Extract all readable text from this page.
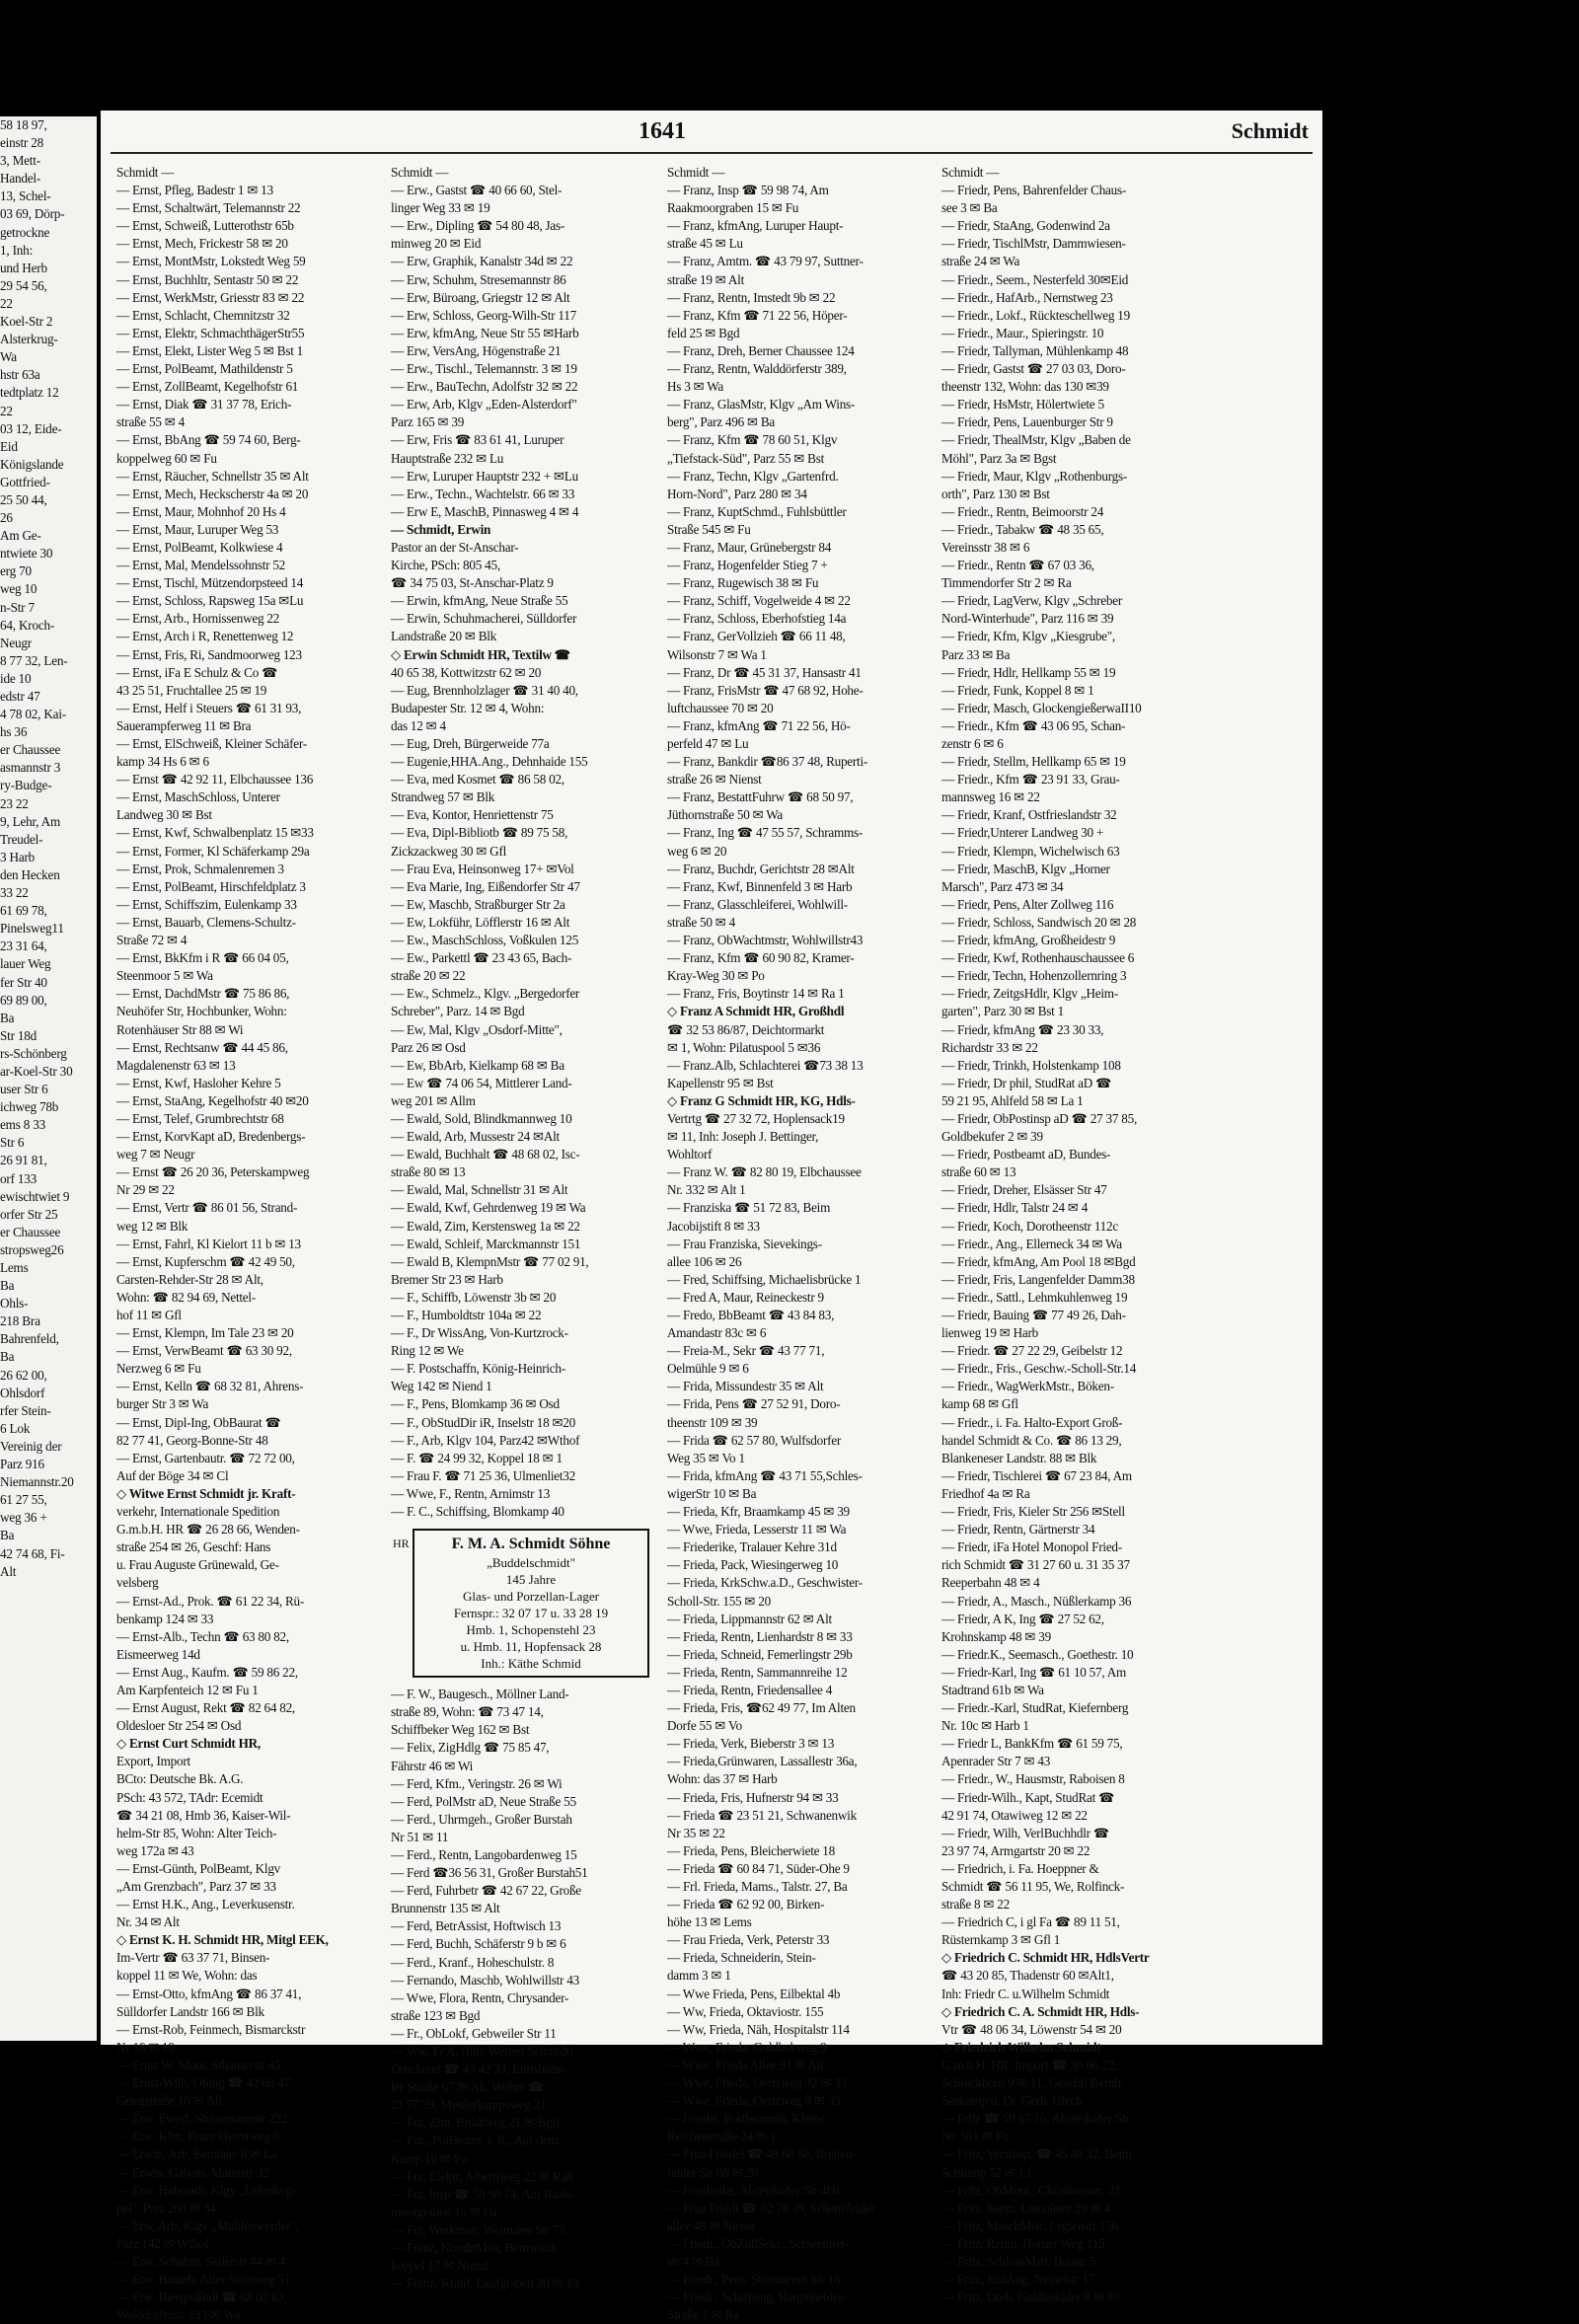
58 18 97,
einstr 28
3, Mett-
Handel-
13, Schel-
03 69, Dörp-
getrockne
1, Inh:
und Herb
29 54 56,
22
Koel-Str 2
Alsterkrug-
Wa
hstr 63a
tedtplatz 12
22
03 12, Eide-
Eid
Königslande
Gottfried-
25 50 44,
26
Am Ge-
ntwiete 30
erg 70
weg 10
n-Str 7
64, Kroch-
Neugr
8 77 32, Len-
ide 10
edstr 47
4 78 02, Kai-
hs 36
er Chaussee
asmannstr 3
ry-Budge-
23 22
9, Lehr, Am
Treudel-
3 Harb
den Hecken
33 22
61 69 78,
Pinelsweg11
23 31 64,
lauer Weg
fer Str 40
69 89 00,
Ba
Str 18d
rs-Schönberg
ar-Koel-Str 30
user Str 6
ichweg 78b
ems 8 33
Str 6
26 91 81,
orf 133
ewischtwiet 9
orfer Str 25
er Chaussee
stropsweg26
Lems
Ba
Ohls-
218 Bra
Bahrenfeld,
Ba
26 62 00,
Ohlsdorf
rfer Stein-
6 Lok
Vereinig der
Parz 916
Niemannstr.20
61 27 55,
weg 36 +
Ba
42 74 68, Fi-
Alt
1641	Schmidt
Schmidt —
— Ernst, Pfleg, Badestr 1 ✉ 13
— Ernst, Schaltwärt, Telemannstr 22
— Ernst, Schweiß, Lutterothstr 65b
— Ernst, Mech, Frickestr 58 ✉ 20
— Ernst, MontMstr, Lokstedt Weg 59
— Ernst, Buchhltr, Sentastr 50 ✉ 22
— Ernst, WerkMstr, Griesstr 83 ✉ 22
— Ernst, Schlacht, Chemnitzstr 32
— Ernst, Elektr, SchmachthägerStr55
— Ernst, Elekt, Lister Weg 5 ✉ Bst 1
— Ernst, PolBeamt, Mathildenstr 5
— Ernst, ZollBeamt, Kegelhofstr 61
— Ernst, Diak ☎ 31 37 78, Erich-
straße 55 ✉ 4
— Ernst, BbAng ☎ 59 74 60, Berg-
koppelweg 60 ✉ Fu
— Ernst, Räucher, Schnellstr 35 ✉ Alt
— Ernst, Mech, Heckscherstr 4a ✉ 20
— Ernst, Maur, Mohnhof 20 Hs 4
— Ernst, Maur, Luruper Weg 53
— Ernst, PolBeamt, Kolkwiese 4
— Ernst, Mal, Mendelssohnstr 52
— Ernst, Tischl, Mützendorpsteed 14
— Ernst, Schloss, Rapsweg 15a ✉Lu
— Ernst, Arb., Hornissenweg 22
— Ernst, Arch i R, Renettenweg 12
— Ernst, Fris, Ri, Sandmoorweg 123
— Ernst, iFa E Schulz & Co ☎
43 25 51, Fruchtallee 25 ✉ 19
— Ernst, Helf i Steuers ☎ 61 31 93,
Sauerampferweg 11 ✉ Bra
— Ernst, ElSchweiß, Kleiner Schäfer-
kamp 34 Hs 6 ✉ 6
— Ernst ☎ 42 92 11, Elbchaussee 136
— Ernst, MaschSchloss, Unterer
Landweg 30 ✉ Bst
— Ernst, Kwf, Schwalbenplatz 15 ✉33
— Ernst, Former, Kl Schäferkamp 29a
— Ernst, Prok, Schmalenremen 3
— Ernst, PolBeamt, Hirschfeldplatz 3
— Ernst, Schiffszim, Eulenkamp 33
— Ernst, Bauarb, Clemens-Schultz-
Straße 72 ✉ 4
— Ernst, BkKfm i R ☎ 66 04 05,
Steenmoor 5 ✉ Wa
— Ernst, DachdMstr ☎ 75 86 86,
Neuhöfer Str, Hochbunker, Wohn:
Rotenhäuser Str 88 ✉ Wi
— Ernst, Rechtsanw ☎ 44 45 86,
Magdalenenstr 63 ✉ 13
— Ernst, Kwf, Hasloher Kehre 5
— Ernst, StaAng, Kegelhofstr 40 ✉20
— Ernst, Telef, Grumbrechtstr 68
— Ernst, KorvKapt aD, Bredenbergs-
weg 7 ✉ Neugr
— Ernst ☎ 26 20 36, Peterskampweg
Nr 29 ✉ 22
— Ernst, Vertr ☎ 86 01 56, Strand-
weg 12 ✉ Blk
— Ernst, Fahrl, Kl Kielort 11 b ✉ 13
— Ernst, Kupferschm ☎ 42 49 50,
Carsten-Rehder-Str 28 ✉ Alt,
Wohn: ☎ 82 94 69, Nettel-
hof 11 ✉ Gfl
— Ernst, Klempn, Im Tale 23 ✉ 20
— Ernst, VerwBeamt ☎ 63 30 92,
Nerzweg 6 ✉ Fu
— Ernst, Kelln ☎ 68 32 81, Ahrens-
burger Str 3 ✉ Wa
— Ernst, Dipl-Ing, ObBaurat ☎
82 77 41, Georg-Bonne-Str 48
— Ernst, Gartenbautr. ☎ 72 72 00,
Auf der Böge 34 ✉ Cl
◇ Witwe Ernst Schmidt jr. Kraft-
verkehr, Internationale Spedition
G.m.b.H. HR ☎ 26 28 66, Wenden-
straße 254 ✉ 26, Geschf: Hans
u. Frau Auguste Grünewald, Ge-
velsberg
— Ernst-Ad., Prok. ☎ 61 22 34, Rü-
benkamp 124 ✉ 33
— Ernst-Alb., Techn ☎ 63 80 82,
Eismeerweg 14d
— Ernst Aug., Kaufm. ☎ 59 86 22,
Am Karpfenteich 12 ✉ Fu 1
— Ernst August, Rekt ☎ 82 64 82,
Oldesloer Str 254 ✉ Osd
◇ Ernst Curt Schmidt HR,
Export, Import
BCto: Deutsche Bk. A.G.
PSch: 43 572, TAdr: Ecemidt
☎ 34 21 08, Hmb 36, Kaiser-Wil-
helm-Str 85, Wohn: Alter Teich-
weg 172a ✉ 43
— Ernst-Günth, PolBeamt, Klgv
„Am Grenzbach", Parz 37 ✉ 33
— Ernst H.K., Ang., Leverkusenstr.
Nr. 34 ✉ Alt
◇ Ernst K. H. Schmidt HR, Mitgl EEK,
Im-Vertr ☎ 63 37 71, Binsen-
koppel 11 ✉ We, Wohn: das
— Ernst-Otto, kfmAng ☎ 86 37 41,
Sülldorfer Landstr 166 ✉ Blk
— Ernst-Rob, Feinmech, Bismarckstr
Nr 16 ✉ 19
— Ernst W, Mont, Sthamerstr 45
— Ernst-Wilh, Obing ☎ 42 68 47
Griegstraße 16 ✉ Alt
— Erw, Ewerf, Stresemannstr 232
— Erw, Kfm, Brunckhorstweg 6
— Erwin, Arb, Eemtake 8 ✉ La
— Erwin, Galvan, Maretstr 32
— Erw, Hafenarb, Klgv „Lehmkop-
pel", Parz 208 ✉ 34
— Erw, Arb, Klgv „Mühlenwerder",
Parz 142 ✉ Wthof
— Erw, Schuhm, Seilerstr 44 ✉ 4
— Erw, Bauarb, Alter Steinweg 51
— Erw, Biergroßhdl ☎ 68 02 63,
Walddörferstr 133 ✉ Wa
Schmidt —
— Erw., Gastst ☎ 40 66 60, Stel-
linger Weg 33 ✉ 19
— Erw., Dipling ☎ 54 80 48, Jas-
minweg 20 ✉ Eid
— Erw, Graphik, Kanalstr 34d ✉ 22
— Erw, Schuhm, Stresemannstr 86
— Erw, Büroang, Griegstr 12 ✉ Alt
— Erw, Schloss, Georg-Wilh-Str 117
— Erw, kfmAng, Neue Str 55 ✉Harb
— Erw, VersAng, Högenstraße 21
— Erw., Tischl., Telemannstr. 3 ✉ 19
— Erw., BauTechn, Adolfstr 32 ✉ 22
— Erw, Arb, Klgv „Eden-Alsterdorf"
Parz 165 ✉ 39
— Erw, Fris ☎ 83 61 41, Luruper
Hauptstraße 232 ✉ Lu
— Erw, Luruper Hauptstr 232 + ✉Lu
— Erw., Techn., Wachtelstr. 66 ✉ 33
— Erw E, MaschB, Pinnasweg 4 ✉ 4
— Schmidt, Erwin
Pastor an der St-Anschar-
Kirche, PSch: 805 45,
☎ 34 75 03, St-Anschar-Platz 9
— Erwin, kfmAng, Neue Straße 55
— Erwin, Schuhmacherei, Sülldorfer
Landstraße 20 ✉ Blk
◇ Erwin Schmidt HR, Textilw ☎
40 65 38, Kottwitzstr 62 ✉ 20
— Eug, Brennholzlager ☎ 31 40 40,
Budapester Str. 12 ✉ 4, Wohn:
das 12 ✉ 4
— Eug, Dreh, Bürgerweide 77a
— Eugenie,HHA.Ang., Dehnhaide 155
— Eva, med Kosmet ☎ 86 58 02,
Strandweg 57 ✉ Blk
— Eva, Kontor, Henriettenstr 75
— Eva, Dipl-Bibliotb ☎ 89 75 58,
Zickzackweg 30 ✉ Gfl
— Frau Eva, Heinsonweg 17+ ✉Vol
— Eva Marie, Ing, Eißendorfer Str 47
— Ew, Maschb, Straßburger Str 2a
— Ew, Lokführ, Löfflerstr 16 ✉ Alt
— Ew., MaschSchloss, Voßkulen 125
— Ew., Parkettl ☎ 23 43 65, Bach-
straße 20 ✉ 22
— Ew., Schmelz., Klgv. „Bergedorfer
Schreber", Parz. 14 ✉ Bgd
— Ew, Mal, Klgv „Osdorf-Mitte",
Parz 26 ✉ Osd
— Ew, BbArb, Kielkamp 68 ✉ Ba
— Ew ☎ 74 06 54, Mittlerer Land-
weg 201 ✉ Allm
— Ewald, Sold, Blindkmannweg 10
— Ewald, Arb, Mussestr 24 ✉Alt
— Ewald, Buchhalt ☎ 48 68 02, Isc-
straße 80 ✉ 13
— Ewald, Mal, Schnellstr 31 ✉ Alt
— Ewald, Kwf, Gehrdenweg 19 ✉ Wa
— Ewald, Zim, Kerstensweg 1a ✉ 22
— Ewald, Schleif, Marckmannstr 151
— Ewald B, KlempnMstr ☎ 77 02 91,
Bremer Str 23 ✉ Harb
— F., Schiffb, Löwenstr 3b ✉ 20
— F., Humboldtstr 104a ✉ 22
— F., Dr WissAng, Von-Kurtzrock-
Ring 12 ✉ We
— F. Postschaffn, König-Heinrich-
Weg 142 ✉ Niend 1
— F., Pens, Blomkamp 36 ✉ Osd
— F., ObStudDir iR, Inselstr 18 ✉20
— F., Arb, Klgv 104, Parz42 ✉Wthof
— F. ☎ 24 99 32, Koppel 18 ✉ 1
— Frau F. ☎ 71 25 36, Ulmenliet32
— Wwe, F., Rentn, Arnimstr 13
— F. C., Schiffsing, Blomkamp 40
HR	F. M. A. Schmidt Söhne
„Buddelschmidt"
145 Jahre
Glas- und Porzellan-Lager
Fernspr.: 32 07 17 u. 33 28 19
Hmb. 1, Schopenstehl 23
u. Hmb. 11, Hopfensack 28
Inh.: Käthe Schmid
— F. W., Baugesch., Möllner Land-
straße 89, Wohn: ☎ 73 47 14,
Schiffbeker Weg 162 ✉ Bst
— Felix, ZigHdlg ☎ 75 85 47,
Fährstr 46 ✉ Wi
— Ferd, Kfm., Veringstr. 26 ✉ Wi
— Ferd, PolMstr aD, Neue Straße 55
— Ferd., Uhrmgeh., Großer Burstah
Nr 51 ✉ 11
— Ferd., Rentn, Langobardenweg 15
— Ferd ☎36 56 31, Großer Burstah51
— Ferd, Fuhrbetr ☎ 42 67 22, Große
Brunnenstr 135 ✉ Alt
— Ferd, BetrAssist, Hoftwisch 13
— Ferd, Buchh, Schäferstr 9 b ✉ 6
— Ferd., Kranf., Hoheschulstr. 8
— Fernando, Maschb, Wohlwillstr 43
— Wwe, Flora, Rentn, Chrysander-
straße 123 ✉ Bgd
— Fr., ObLokf, Gebweiler Str 11
— Ww, Fr A, (Inh: Werner Schmidt)
Druckerei ☎ 43 42 33, Eimsbütte-
ler Straße 67 ✉ Alt, Wohn: ☎
21 77 39, Mettlerkampsweg 21
— Frz, Zim, Brüdtweg 21 ✉ Bgd
— Frz., PolBeamt. i. R., Auf dem
Kamp 10 ✉ Fu
— Frz, Elektr, Albertiweg 22 ✉ Rah
— Frz, Insp ☎ 59 98 74, Am Raak-
moorgraben 15 ✉ Fu
— Frz, Werkmstr, Weimarer Str 73
— Franz, KonditMstr, Bernward-
koppel 17 ✉ Niend
— Franz, Kranf, Laufgraben 20 ✉ 13
Schmidt —
— Franz, Insp ☎ 59 98 74, Am
Raakmoorgraben 15 ✉ Fu
— Franz, kfmAng, Luruper Haupt-
straße 45 ✉ Lu
— Franz, Amtm. ☎ 43 79 97, Suttner-
straße 19 ✉ Alt
— Franz, Rentn, Imstedt 9b ✉ 22
— Franz, Kfm ☎ 71 22 56, Höper-
feld 25 ✉ Bgd
— Franz, Dreh, Berner Chaussee 124
— Franz, Rentn, Walddörferstr 389,
Hs 3 ✉ Wa
— Franz, GlasMstr, Klgv „Am Wins-
berg", Parz 496 ✉ Ba
— Franz, Kfm ☎ 78 60 51, Klgv
„Tiefstack-Süd", Parz 55 ✉ Bst
— Franz, Techn, Klgv „Gartenfrd.
Horn-Nord", Parz 280 ✉ 34
— Franz, KuptSchmd., Fuhlsbüttler
Straße 545 ✉ Fu
— Franz, Maur, Grünebergstr 84
— Franz, Hogenfelder Stieg 7 +
— Franz, Rugewisch 38 ✉ Fu
— Franz, Schiff, Vogelweide 4 ✉ 22
— Franz, Schloss, Eberhofstieg 14a
— Franz, GerVollzieh ☎ 66 11 48,
Wilsonstr 7 ✉ Wa 1
— Franz, Dr ☎ 45 31 37, Hansastr 41
— Franz, FrisMstr ☎ 47 68 92, Hohe-
luftchaussee 70 ✉ 20
— Franz, kfmAng ☎ 71 22 56, Hö-
perfeld 47 ✉ Lu
— Franz, Bankdir ☎86 37 48, Ruperti-
straße 26 ✉ Nienst
— Franz, BestattFuhrw ☎ 68 50 97,
Jüthornstraße 50 ✉ Wa
— Franz, Ing ☎ 47 55 57, Schramms-
weg 6 ✉ 20
— Franz, Buchdr, Gerichtstr 28 ✉Alt
— Franz, Kwf, Binnenfeld 3 ✉ Harb
— Franz, Glasschleiferei, Wohlwill-
straße 50 ✉ 4
— Franz, ObWachtmstr, Wohlwillstr43
— Franz, Kfm ☎ 60 90 82, Kramer-
Kray-Weg 30 ✉ Po
— Franz, Fris, Boytinstr 14 ✉ Ra 1
◇ Franz A Schmidt HR, Großhdl
☎ 32 53 86/87, Deichtormarkt
✉ 1, Wohn: Pilatuspool 5 ✉36
— Franz.Alb, Schlachterei ☎73 38 13
Kapellenstr 95 ✉ Bst
◇ Franz G Schmidt HR, KG, Hdls-
Vertrtg ☎ 27 32 72, Hoplensack19
✉ 11, Inh: Joseph J. Bettinger,
Wohltorf
— Franz W. ☎ 82 80 19, Elbchaussee
Nr. 332 ✉ Alt 1
— Franziska ☎ 51 72 83, Beim
Jacobijstift 8 ✉ 33
— Frau Franziska, Sievekings-
allee 106 ✉ 26
— Fred, Schiffsing, Michaelisbrücke 1
— Fred A, Maur, Reineckestr 9
— Fredo, BbBeamt ☎ 43 84 83,
Amandastr 83c ✉ 6
— Freia-M., Sekr ☎ 43 77 71,
Oelmühle 9 ✉ 6
— Frida, Missundestr 35 ✉ Alt
— Frida, Pens ☎ 27 52 91, Doro-
theenstr 109 ✉ 39
— Frida ☎ 62 57 80, Wulfsdorfer
Weg 35 ✉ Vo 1
— Frida, kfmAng ☎ 43 71 55,Schles-
wigerStr 10 ✉ Ba
— Frieda, Kfr, Braamkamp 45 ✉ 39
— Wwe, Frieda, Lesserstr 11 ✉ Wa
— Friederike, Tralauer Kehre 31d
— Frieda, Pack, Wiesingerweg 10
— Frieda, KrkSchw.a.D., Geschwister-
Scholl-Str. 155 ✉ 20
— Frieda, Lippmannstr 62 ✉ Alt
— Frieda, Rentn, Lienhardstr 8 ✉ 33
— Frieda, Schneid, Femerlingstr 29b
— Frieda, Rentn, Sammannreihe 12
— Frieda, Rentn, Friedensallee 4
— Frieda, Fris, ☎62 49 77, Im Alten
Dorfe 55 ✉ Vo
— Frieda, Verk, Bieberstr 3 ✉ 13
— Frieda,Grünwaren, Lassallestr 36a,
Wohn: das 37 ✉ Harb
— Frieda, Fris, Hufnerstr 94 ✉ 33
— Frieda ☎ 23 51 21, Schwanenwik
Nr 35 ✉ 22
— Frieda, Pens, Bleicherwiete 18
— Frieda ☎ 60 84 71, Süder-Ohe 9
— Frl. Frieda, Mams., Talstr. 27, Ba
— Frieda ☎ 62 92 00, Birken-
höhe 13 ✉ Lems
— Frau Frieda, Verk, Peterstr 33
— Frieda, Schneiderin, Stein-
damm 3 ✉ 1
— Wwe Frieda, Pens, Eilbektal 4b
— Ww, Frieda, Oktaviostr. 155
— Ww, Frieda, Näh, Hospitalstr 114
— Wwe, Frieda, Goldbekweg 9
— Wwe, Frieda Allee 91 ✉ Alt
— Wwe, Frieda, Oertzweg 32 ✉ 33
— Wwe, Frieda, Oertzweg 8 ✉ 33
— Friedel, Postbeamtin, Kleine
Reichenstraße 24 ✉ 1
— Frau Friedel ☎ 48 68 68, Breiten-
felder Str 86 ✉ 20
— Friederike, Alsterdorfer Str 46b
— Frau Friedl ☎ 82 78 39, Schenefelder
allee 49 ✉ Nienst
— Friedr., ObZollSekr., Schwelmer-
str 4 ✉ Ba
— Friedr., Pens, Stormarner Str 16
— Friedr., Schiffsing, Bargteheider-
Straße 1 ✉ Ra
Schmidt —
— Friedr, Pens, Bahrenfelder Chaus-
see 3 ✉ Ba
— Friedr, StaAng, Godenwind 2a
— Friedr, TischlMstr, Dammwiesen-
straße 24 ✉ Wa
— Friedr., Seem., Nesterfeld 30✉Eid
— Friedr., HafArb., Nernstweg 23
— Friedr., Lokf., Rückteschellweg 19
— Friedr., Maur., Spieringstr. 10
— Friedr, Tallyman, Mühlenkamp 48
— Friedr, Gastst ☎ 27 03 03, Doro-
theenstr 132, Wohn: das 130 ✉39
— Friedr, HsMstr, Hölertwiete 5
— Friedr, Pens, Lauenburger Str 9
— Friedr, ThealMstr, Klgv „Baben de
Möhl", Parz 3a ✉ Bgst
— Friedr, Maur, Klgv „Rothenburgs-
orth", Parz 130 ✉ Bst
— Friedr., Rentn, Beimoorstr 24
— Friedr., Tabakw ☎ 48 35 65,
Vereinsstr 38 ✉ 6
— Friedr., Rentn ☎ 67 03 36,
Timmendorfer Str 2 ✉ Ra
— Friedr, LagVerw, Klgv „Schreber
Nord-Winterhude", Parz 116 ✉ 39
— Friedr, Kfm, Klgv „Kiesgrube",
Parz 33 ✉ Ba
— Friedr, Hdlr, Hellkamp 55 ✉ 19
— Friedr, Funk, Koppel 8 ✉ 1
— Friedr, Masch, GlockengießerwaII10
— Friedr., Kfm ☎ 43 06 95, Schan-
zenstr 6 ✉ 6
— Friedr, Stellm, Hellkamp 65 ✉ 19
— Friedr., Kfm ☎ 23 91 33, Grau-
mannsweg 16 ✉ 22
— Friedr, Kranf, Ostfrieslandstr 32
— Friedr,Unterer Landweg 30 +
— Friedr, Klempn, Wichelwisch 63
— Friedr, MaschB, Klgv „Horner
Marsch", Parz 473 ✉ 34
— Friedr, Pens, Alter Zollweg 116
— Friedr, Schloss, Sandwisch 20 ✉ 28
— Friedr, kfmAng, Großheidestr 9
— Friedr, Kwf, Rothenhauschaussee 6
— Friedr, Techn, Hohenzollernring 3
— Friedr, ZeitgsHdlr, Klgv „Heim-
garten", Parz 30 ✉ Bst 1
— Friedr, kfmAng ☎ 23 30 33,
Richardstr 33 ✉ 22
— Friedr, Trinkh, Holstenkamp 108
— Friedr, Dr phil, StudRat aD ☎
59 21 95, Ahlfeld 58 ✉ La 1
— Friedr, ObPostinsp aD ☎ 27 37 85,
Goldbekufer 2 ✉ 39
— Friedr, Postbeamt aD, Bundes-
straße 60 ✉ 13
— Friedr, Dreher, Elsässer Str 47
— Friedr, Hdlr, Talstr 24 ✉ 4
— Friedr, Koch, Dorotheenstr 112c
— Friedr., Ang., Ellerneck 34 ✉ Wa
— Friedr, kfmAng, Am Pool 18 ✉Bgd
— Friedr, Fris, Langenfelder Damm38
— Friedr., Sattl., Lehmkuhlenweg 19
— Friedr, Bauing ☎ 77 49 26, Dah-
lienweg 19 ✉ Harb
— Friedr. ☎ 27 22 29, Geibelstr 12
— Friedr., Fris., Geschw.-Scholl-Str.14
— Friedr., WagWerkMstr., Böken-
kamp 68 ✉ Gfl
— Friedr., i. Fa. Halto-Export Groß-
handel Schmidt & Co. ☎ 86 13 29,
Blankeneser Landstr. 88 ✉ Blk
— Friedr, Tischlerei ☎ 67 23 84, Am
Friedhof 4a ✉ Ra
— Friedr, Fris, Kieler Str 256 ✉Stell
— Friedr, Rentn, Gärtnerstr 34
— Friedr, iFa Hotel Monopol Fried-
rich Schmidt ☎ 31 27 60 u. 31 35 37
Reeperbahn 48 ✉ 4
— Friedr, A., Masch., Nüßlerkamp 36
— Friedr, A K, Ing ☎ 27 52 62,
Krohnskamp 48 ✉ 39
— Friedr.K., Seemasch., Goethestr. 10
— Friedr-Karl, Ing ☎ 61 10 57, Am
Stadtrand 61b ✉ Wa
— Friedr.-Karl, StudRat, Kiefernberg
Nr. 10c ✉ Harb 1
— Friedr L, BankKfm ☎ 61 59 75,
Apenrader Str 7 ✉ 43
— Friedr., W., Hausmstr, Raboisen 8
— Friedr-Wilh., Kapt, StudRat ☎
42 91 74, Otawiweg 12 ✉ 22
— Friedr, Wilh, VerlBuchhdlr ☎
23 97 74, Armgartstr 20 ✉ 22
— Friedrich, i. Fa. Hoeppner &
Schmidt ☎ 56 11 95, We, Rolfinck-
straße 8 ✉ 22
— Friedrich C, i gl Fa ☎ 89 11 51,
Rüsternkamp 3 ✉ Gfl 1
◇ Friedrich C. Schmidt HR, HdlsVertr
☎ 43 20 85, Thadenstr 60 ✉Alt1,
Inh: Friedr C. u.Wilhelm Schmidt
◇ Friedrich C. A. Schmidt HR, Hdls-
Vtr ☎ 48 06 34, Löwenstr 54 ✉ 20
◇ Friedrich Wilhelm Schmidt
G.m.b.H. HR, Import ☎ 36 66 22,
Schreckhörn 9 ✉ 11, Geschf: Bernh.
Seekamp u. Dr. Gerh. Utech
— Fritz ☎ 59 67 16, Alsterdorfer Str.
Nr. 581 ✉ Fu
— Fritz, VersInsp. ☎ 45 48 32, Beim
Schlump 52 ✉ 13
— Fritz, ObMont., Christinenstr. 23
— Fritz, Seem, Lincolnstr 29 ✉ 4
— Fritz, MaschMstr, Legienstr 156
— Fritz, Rentn, Horner Weg 115
— Fritz, SchlossMstr, Baustr 5
— Fritz, JustAng, Nesselstr 17
— Fritz, Dreh, Goldbekufer 8 ✉ 39
